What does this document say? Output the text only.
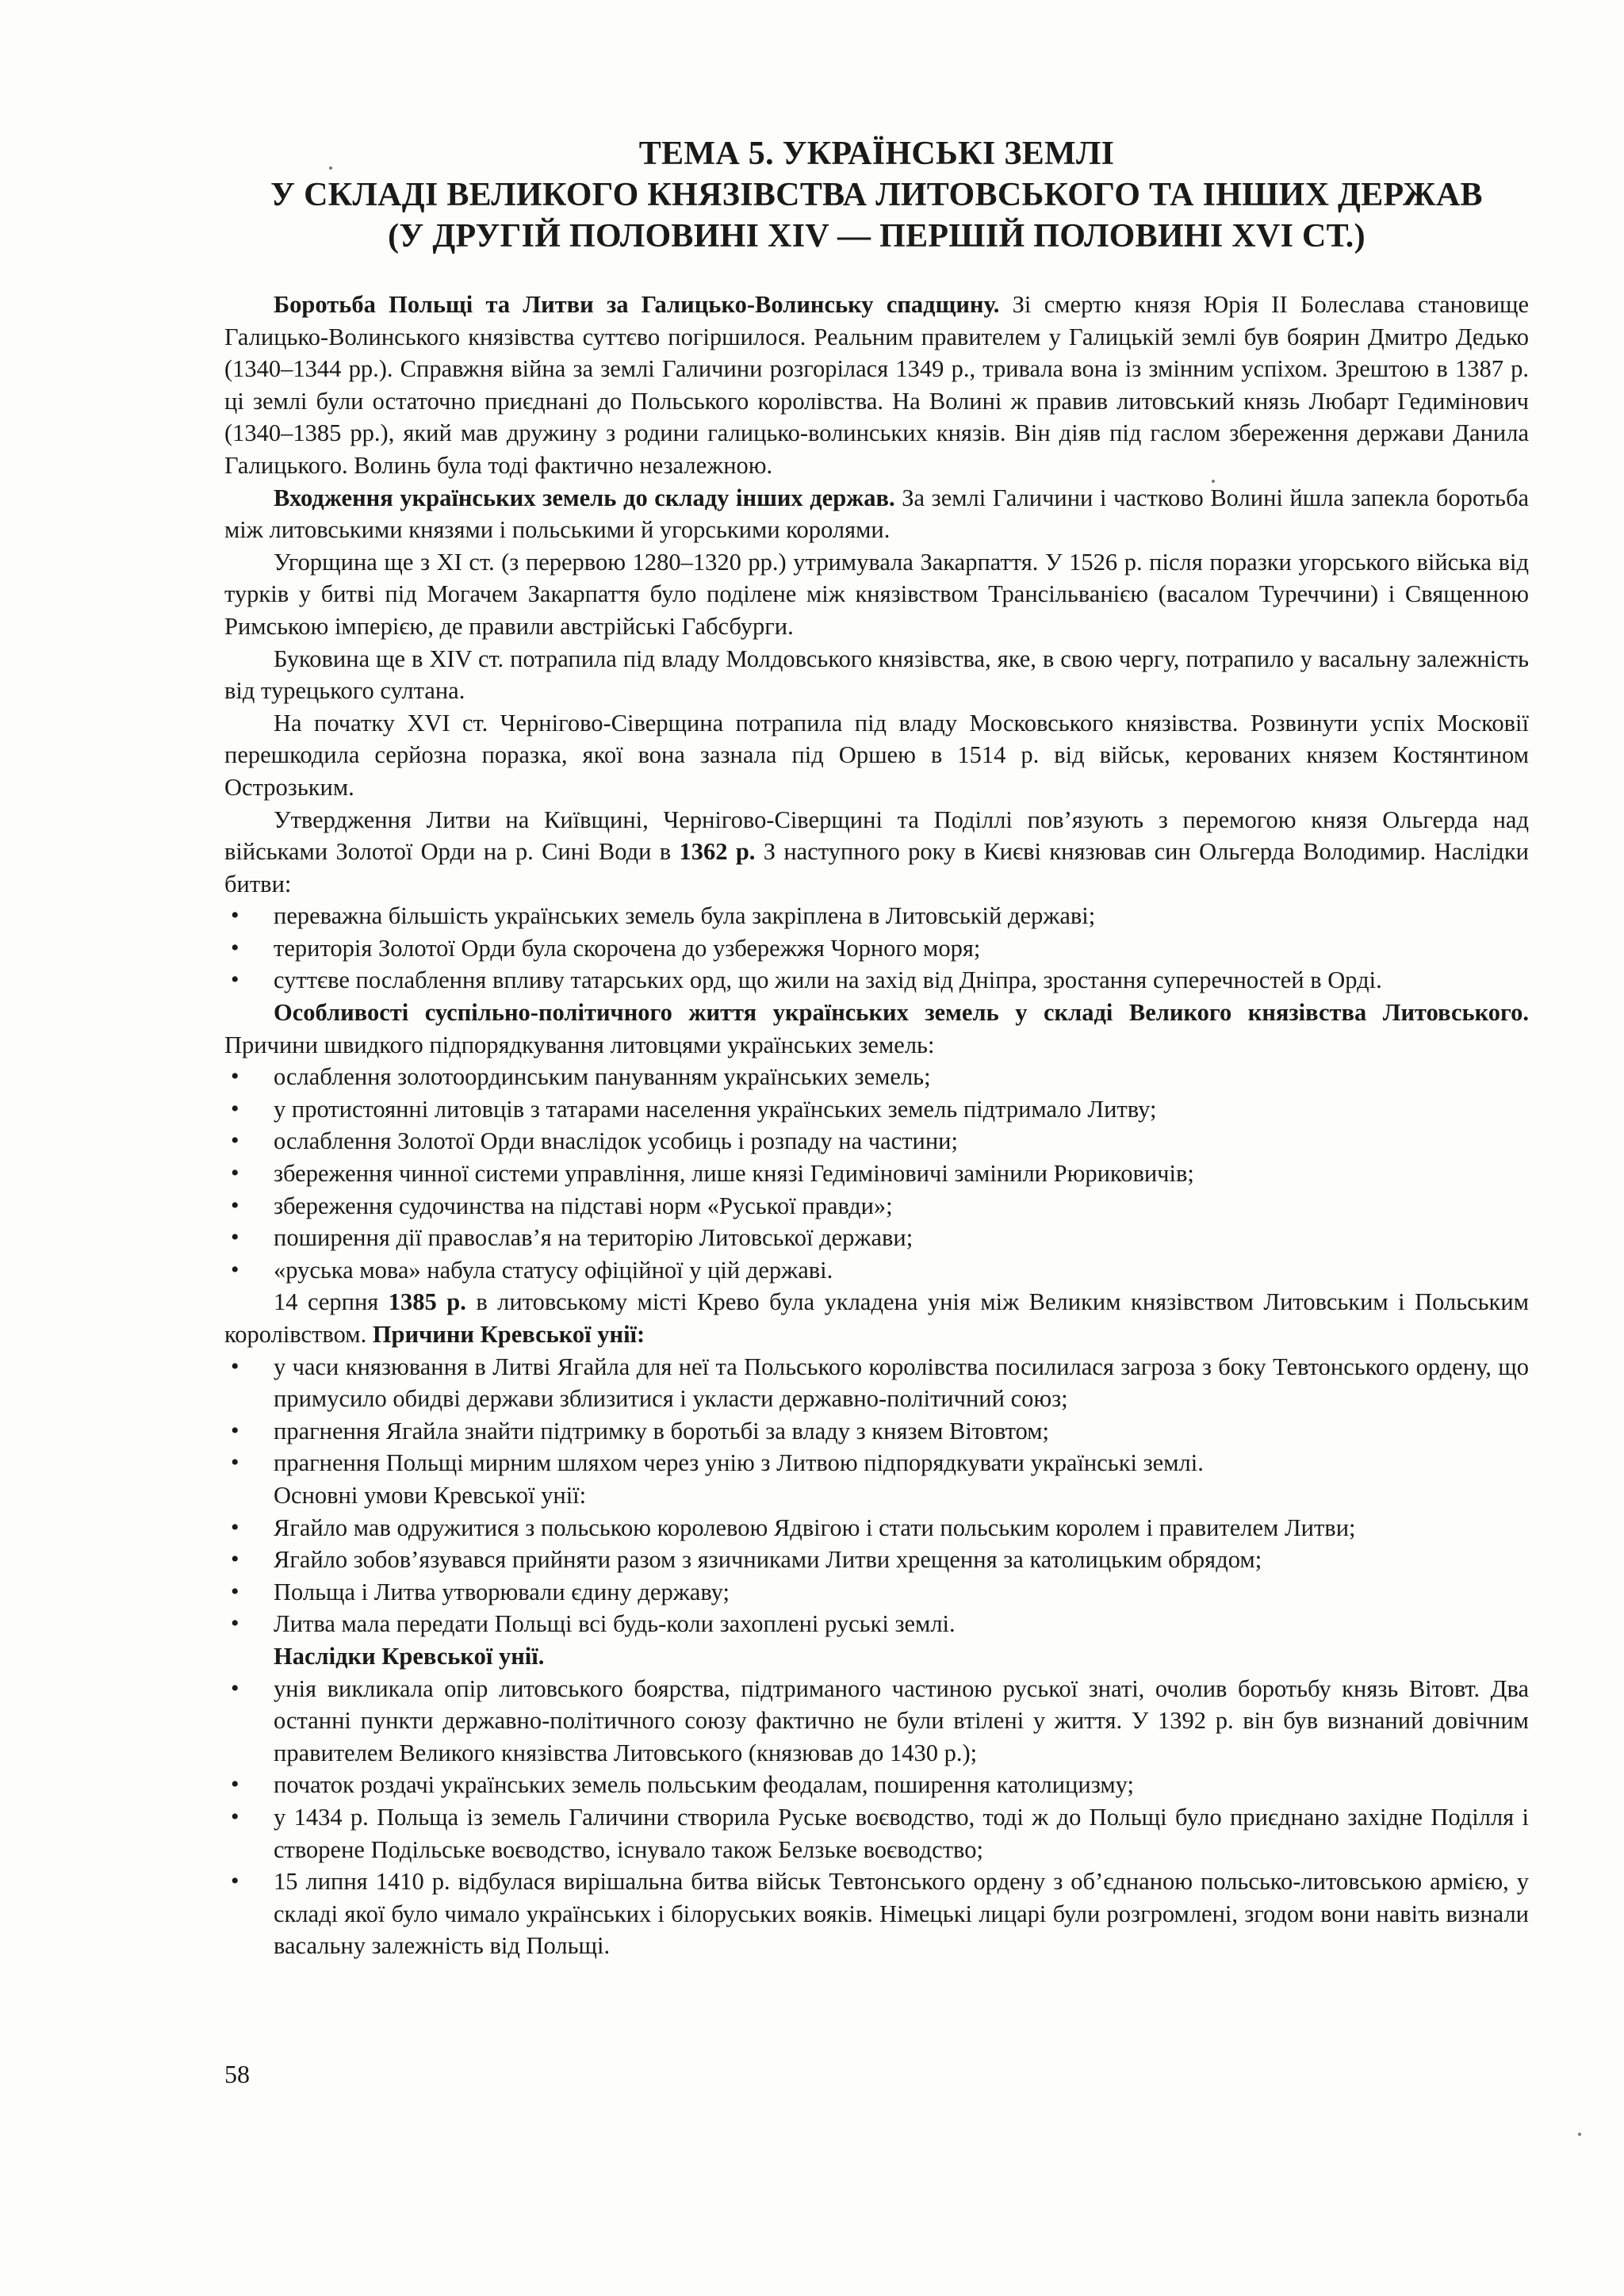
ТЕМА 5. УКРАЇНСЬКІ ЗЕМЛІ
У СКЛАДІ ВЕЛИКОГО КНЯЗІВСТВА ЛИТОВСЬКОГО ТА ІНШИХ ДЕРЖАВ
(У ДРУГІЙ ПОЛОВИНІ XIV — ПЕРШІЙ ПОЛОВИНІ XVI СТ.)

Боротьба Польщі та Литви за Галицько-Волинську спадщину. Зі смертю князя Юрія II Болеслава становище Галицько-Волинського князівства суттєво погіршилося. Реальним правителем у Галицькій землі був боярин Дмитро Дедько (1340–1344 рр.). Справжня війна за землі Галичини розгорілася 1349 р., тривала вона із змінним успіхом. Зрештою в 1387 р. ці землі були остаточно приєднані до Польського королівства. На Волині ж правив литовський князь Любарт Гедимінович (1340–1385 рр.), який мав дружину з родини галицько-волинських князів. Він діяв під гаслом збереження держави Данила Галицького. Волинь була тоді фактично незалежною.

Входження українських земель до складу інших держав. За землі Галичини і частково Волині йшла запекла боротьба між литовськими князями і польськими й угорськими королями.

Угорщина ще з XI ст. (з перервою 1280–1320 рр.) утримувала Закарпаття. У 1526 р. після поразки угорського війська від турків у битві під Могачем Закарпаття було поділене між князівством Трансільванією (васалом Туреччини) і Священною Римською імперією, де правили австрійські Габсбурги.

Буковина ще в XIV ст. потрапила під владу Молдовського князівства, яке, в свою чергу, потрапило у васальну залежність від турецького султана.

На початку XVI ст. Чернігово-Сіверщина потрапила під владу Московського князівства. Розвинути успіх Московії перешкодила серйозна поразка, якої вона зазнала під Оршею в 1514 р. від військ, керованих князем Костянтином Острозьким.

Утвердження Литви на Київщині, Чернігово-Сіверщині та Поділлі пов’язують з перемогою князя Ольгерда над військами Золотої Орди на р. Сині Води в 1362 р. З наступного року в Києві князював син Ольгерда Володимир. Наслідки битви:

• переважна більшість українських земель була закріплена в Литовській державі;
• територія Золотої Орди була скорочена до узбережжя Чорного моря;
• суттєве послаблення впливу татарських орд, що жили на захід від Дніпра, зростання суперечностей в Орді.

Особливості суспільно-політичного життя українських земель у складі Великого князівства Литовського. Причини швидкого підпорядкування литовцями українських земель:

• ослаблення золотоординським пануванням українських земель;
• у протистоянні литовців з татарами населення українських земель підтримало Литву;
• ослаблення Золотої Орди внаслідок усобиць і розпаду на частини;
• збереження чинної системи управління, лише князі Гедиміновичі замінили Рюриковичів;
• збереження судочинства на підставі норм «Руської правди»;
• поширення дії православ’я на територію Литовської держави;
• «руська мова» набула статусу офіційної у цій державі.

14 серпня 1385 р. в литовському місті Крево була укладена унія між Великим князівством Литовським і Польським королівством. Причини Кревської унії:

• у часи князювання в Литві Ягайла для неї та Польського королівства посилилася загроза з боку Тевтонського ордену, що примусило обидві держави зблизитися і укласти державно-політичний союз;
• прагнення Ягайла знайти підтримку в боротьбі за владу з князем Вітовтом;
• прагнення Польщі мирним шляхом через унію з Литвою підпорядкувати українські землі.

Основні умови Кревської унії:

• Ягайло мав одружитися з польською королевою Ядвігою і стати польським королем і правителем Литви;
• Ягайло зобов’язувався прийняти разом з язичниками Литви хрещення за католицьким обрядом;
• Польща і Литва утворювали єдину державу;
• Литва мала передати Польщі всі будь-коли захоплені руські землі.

Наслідки Кревської унії.

• унія викликала опір литовського боярства, підтриманого частиною руської знаті, очолив боротьбу князь Вітовт. Два останні пункти державно-політичного союзу фактично не були втілені у життя. У 1392 р. він був визнаний довічним правителем Великого князівства Литовського (князював до 1430 р.);
• початок роздачі українських земель польським феодалам, поширення католицизму;
• у 1434 р. Польща із земель Галичини створила Руське воєводство, тоді ж до Польщі було приєднано західне Поділля і створене Подільське воєводство, існувало також Белзьке воєводство;
• 15 липня 1410 р. відбулася вирішальна битва військ Тевтонського ордену з об’єднаною польсько-литовською армією, у складі якої було чимало українських і білоруських вояків. Німецькі лицарі були розгромлені, згодом вони навіть визнали васальну залежність від Польщі.
58
